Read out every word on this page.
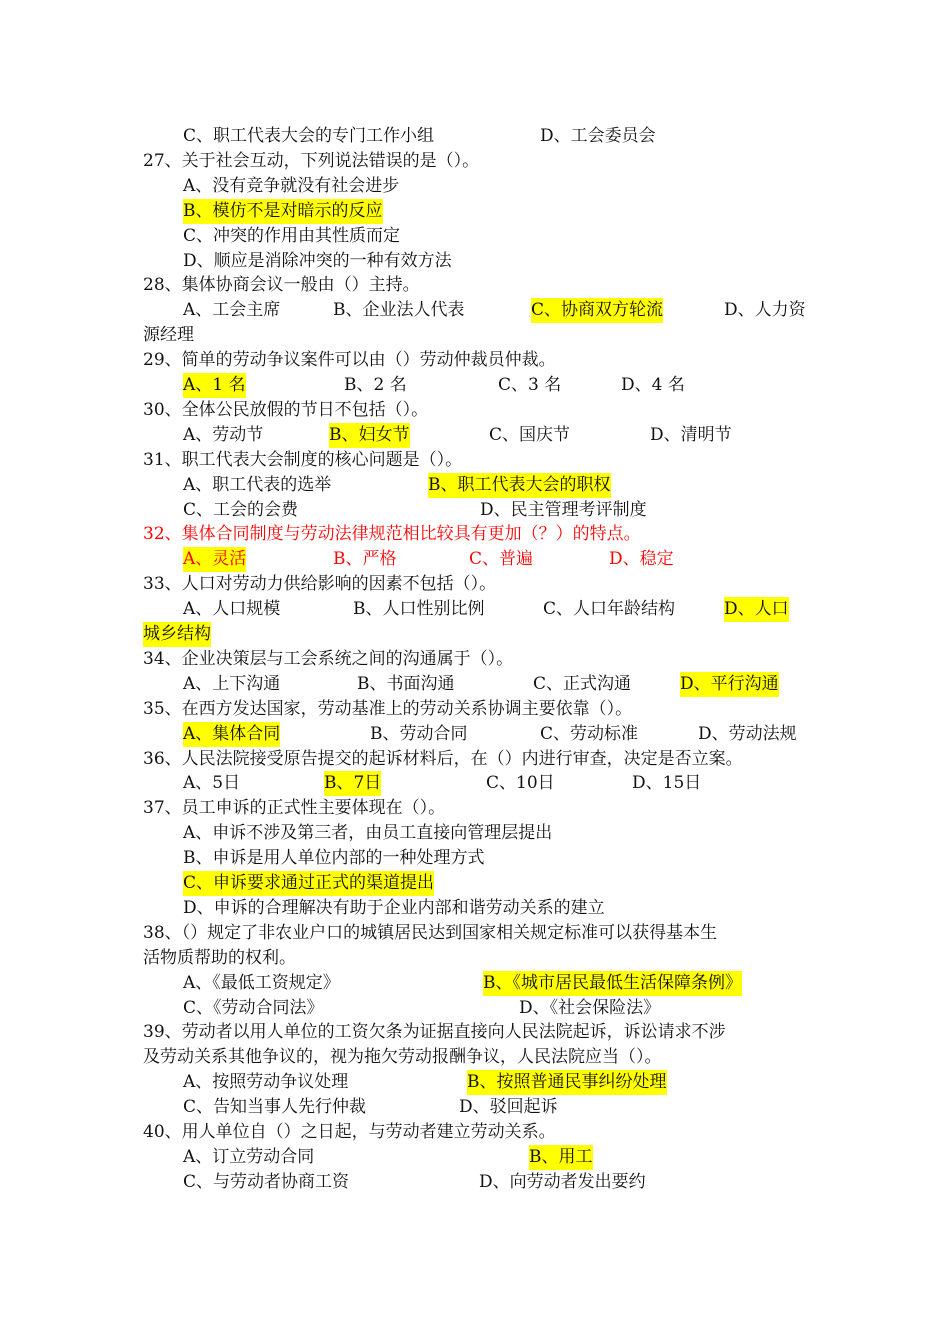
C、职工代表大会的专门工作小组	D、工会委员会
27、关于社会互动，下列说法错误的是（）。
A、没有竞争就没有社会进步
B、模仿不是对暗示的反应
C、冲突的作用由其性质而定
D、顺应是消除冲突的一种有效方法
28、集体协商会议一般由（）主持。
A、工会主席	B、企业法人代表	C、协商双方轮流	D、人力资
源经理
29、简单的劳动争议案件可以由（）劳动仲裁员仲裁。
A、1 名	B、2 名	C、3 名	D、4 名
30、全体公民放假的节日不包括（）。
A、劳动节	B、妇女节	C、国庆节	D、清明节
31、职工代表大会制度的核心问题是（）。
A、职工代表的选举	B、职工代表大会的职权
C、工会的会费	D、民主管理考评制度
32、集体合同制度与劳动法律规范相比较具有更加（？）的特点。
A、灵活	B、严格	C、普遍	D、稳定
33、人口对劳动力供给影响的因素不包括（）。
A、人口规模	B、人口性别比例	C、人口年龄结构	D、人口
城乡结构
34、企业决策层与工会系统之间的沟通属于（）。
A、上下沟通	B、书面沟通	C、正式沟通	D、平行沟通
35、在西方发达国家，劳动基准上的劳动关系协调主要依靠（）。
A、集体合同	B、劳动合同	C、劳动标准	D、劳动法规
36、人民法院接受原告提交的起诉材料后，在（）内进行审查，决定是否立案。
A、5日	B、7日	C、10日	D、15日
37、员工申诉的正式性主要体现在（）。
A、申诉不涉及第三者，由员工直接向管理层提出
B、申诉是用人单位内部的一种处理方式
C、申诉要求通过正式的渠道提出
D、申诉的合理解决有助于企业内部和谐劳动关系的建立
38、（）规定了非农业户口的城镇居民达到国家相关规定标准可以获得基本生
活物质帮助的权利。
A、《最低工资规定》	B、《城市居民最低生活保障条例》
C、《劳动合同法》	D、《社会保险法》
39、劳动者以用人单位的工资欠条为证据直接向人民法院起诉，诉讼请求不涉
及劳动关系其他争议的，视为拖欠劳动报酬争议，人民法院应当（）。
A、按照劳动争议处理	B、按照普通民事纠纷处理
C、告知当事人先行仲裁	D、驳回起诉
40、用人单位自（）之日起，与劳动者建立劳动关系。
A、订立劳动合同	B、用工
C、与劳动者协商工资	D、向劳动者发出要约
